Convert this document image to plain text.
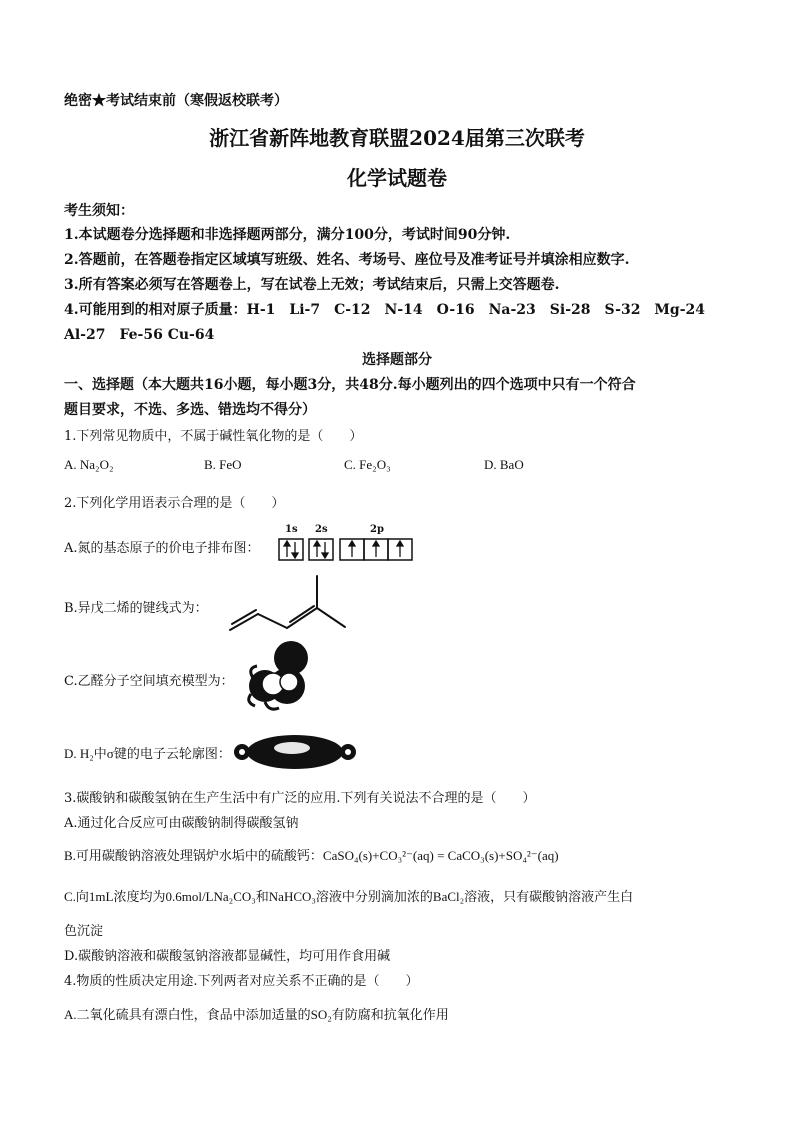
绝密★考试结束前（寒假返校联考）
浙江省新阵地教育联盟2024届第三次联考
化学试题卷
考生须知：
1.本试题卷分选择题和非选择题两部分，满分100分，考试时间90分钟.
2.答题前，在答题卷指定区域填写班级、姓名、考场号、座位号及准考证号并填涂相应数字.
3.所有答案必须写在答题卷上，写在试卷上无效；考试结束后，只需上交答题卷.
4.可能用到的相对原子质量：H-1　Li-7　C-12　N-14　O-16　Na-23　Si-28　S-32　Mg-24
Al-27　Fe-56 Cu-64
选择题部分
一、选择题（本大题共16小题，每小题3分，共48分.每小题列出的四个选项中只有一个符合
题目要求，不选、多选、错选均不得分）
1.下列常见物质中，不属于碱性氧化物的是（　　）
A. Na₂O₂	B. FeO	C. Fe₂O₃	D. BaO
2.下列化学用语表示合理的是（　　）
A.氮的基态原子的价电子排布图：
1s 2s	2p
B.异戊二烯的键线式为：
C.乙醛分子空间填充模型为：
D. H₂中σ键的电子云轮廓图：
3.碳酸钠和碳酸氢钠在生产生活中有广泛的应用.下列有关说法不合理的是（　　）
A.通过化合反应可由碳酸钠制得碳酸氢钠
B.可用碳酸钠溶液处理锅炉水垢中的硫酸钙：CaSO₄(s)+CO₃²⁻(aq) = CaCO₃(s)+SO₄²⁻(aq)
C.向1mL浓度均为0.6mol/LNa₂CO₃和NaHCO₃溶液中分别滴加浓的BaCl₂溶液，只有碳酸钠溶液产生白
色沉淀
D.碳酸钠溶液和碳酸氢钠溶液都显碱性，均可用作食用碱
4.物质的性质决定用途.下列两者对应关系不正确的是（　　）
A.二氧化硫具有漂白性，食品中添加适量的SO₂有防腐和抗氧化作用
